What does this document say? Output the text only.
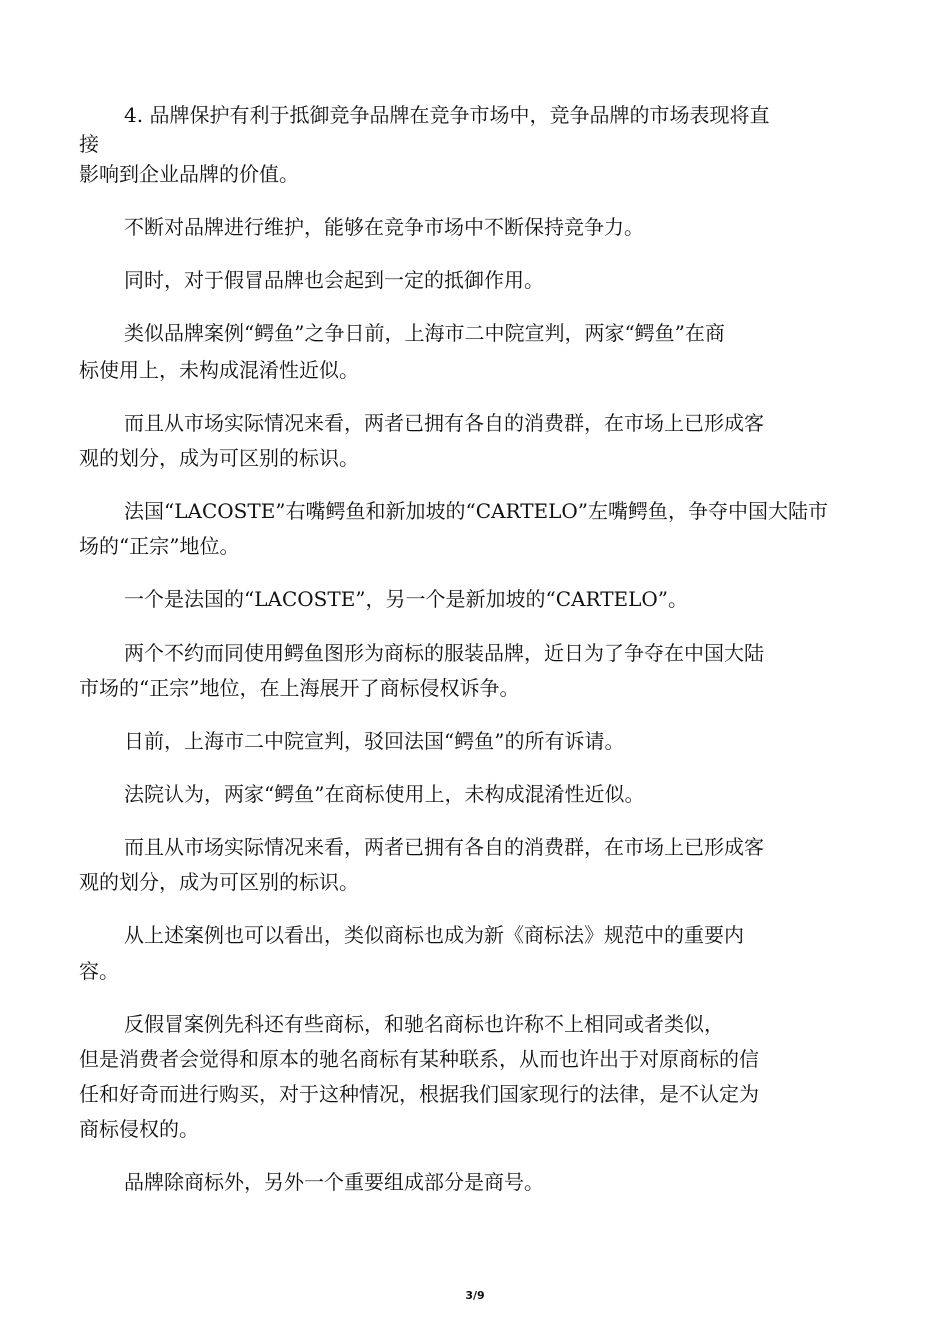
4. 品牌保护有利于抵御竞争品牌在竞争市场中，竞争品牌的市场表现将直
接
影响到企业品牌的价值。
不断对品牌进行维护，能够在竞争市场中不断保持竞争力。
同时，对于假冒品牌也会起到一定的抵御作用。
类似品牌案例“鳄鱼”之争日前，上海市二中院宣判，两家“鳄鱼”在商
标使用上，未构成混淆性近似。
而且从市场实际情况来看，两者已拥有各自的消费群，在市场上已形成客
观的划分，成为可区别的标识。
法国“LACOSTE”右嘴鳄鱼和新加坡的“CARTELO”左嘴鳄鱼，争夺中国大陆市
场的“正宗”地位。
一个是法国的“LACOSTE”，另一个是新加坡的“CARTELO”。
两个不约而同使用鳄鱼图形为商标的服装品牌，近日为了争夺在中国大陆
市场的“正宗”地位，在上海展开了商标侵权诉争。
日前，上海市二中院宣判，驳回法国“鳄鱼”的所有诉请。
法院认为，两家“鳄鱼”在商标使用上，未构成混淆性近似。
而且从市场实际情况来看，两者已拥有各自的消费群，在市场上已形成客
观的划分，成为可区别的标识。
从上述案例也可以看出，类似商标也成为新《商标法》规范中的重要内
容。
反假冒案例先科还有些商标，和驰名商标也许称不上相同或者类似，
但是消费者会觉得和原本的驰名商标有某种联系，从而也许出于对原商标的信
任和好奇而进行购买，对于这种情况，根据我们国家现行的法律，是不认定为
商标侵权的。
品牌除商标外，另外一个重要组成部分是商号。
3/9
